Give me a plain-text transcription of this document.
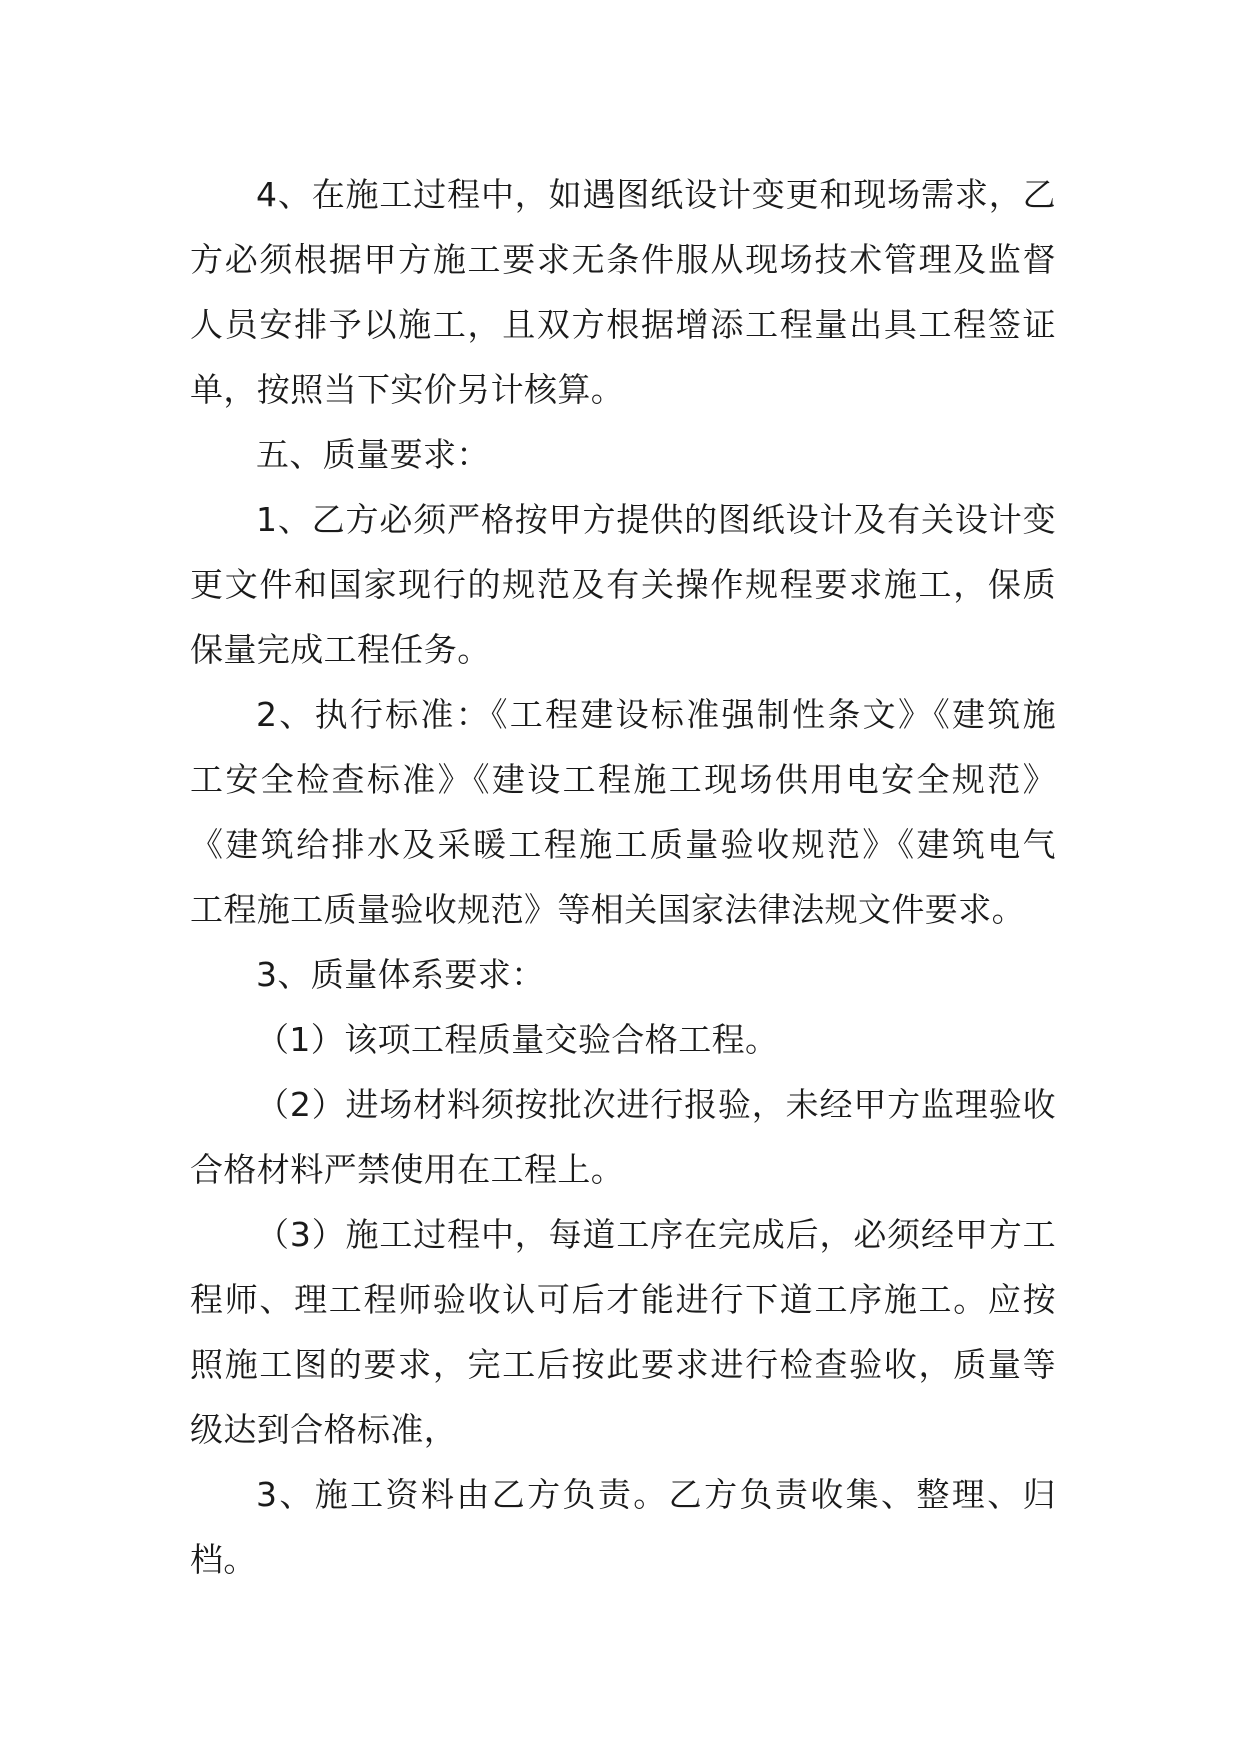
4、在施工过程中，如遇图纸设计变更和现场需求，乙
方必须根据甲方施工要求无条件服从现场技术管理及监督
人员安排予以施工，且双方根据增添工程量出具工程签证
单，按照当下实价另计核算。

五、质量要求：

1、乙方必须严格按甲方提供的图纸设计及有关设计变
更文件和国家现行的规范及有关操作规程要求施工，保质
保量完成工程任务。

2、执行标准：《工程建设标准强制性条文》《建筑施
工安全检查标准》《建设工程施工现场供用电安全规范》
《建筑给排水及采暖工程施工质量验收规范》《建筑电气
工程施工质量验收规范》等相关国家法律法规文件要求。

3、质量体系要求：

（1）该项工程质量交验合格工程。

（2）进场材料须按批次进行报验，未经甲方监理验收
合格材料严禁使用在工程上。

（3）施工过程中，每道工序在完成后，必须经甲方工
程师、理工程师验收认可后才能进行下道工序施工。应按
照施工图的要求，完工后按此要求进行检查验收，质量等
级达到合格标准，

3、施工资料由乙方负责。乙方负责收集、整理、归
档。
